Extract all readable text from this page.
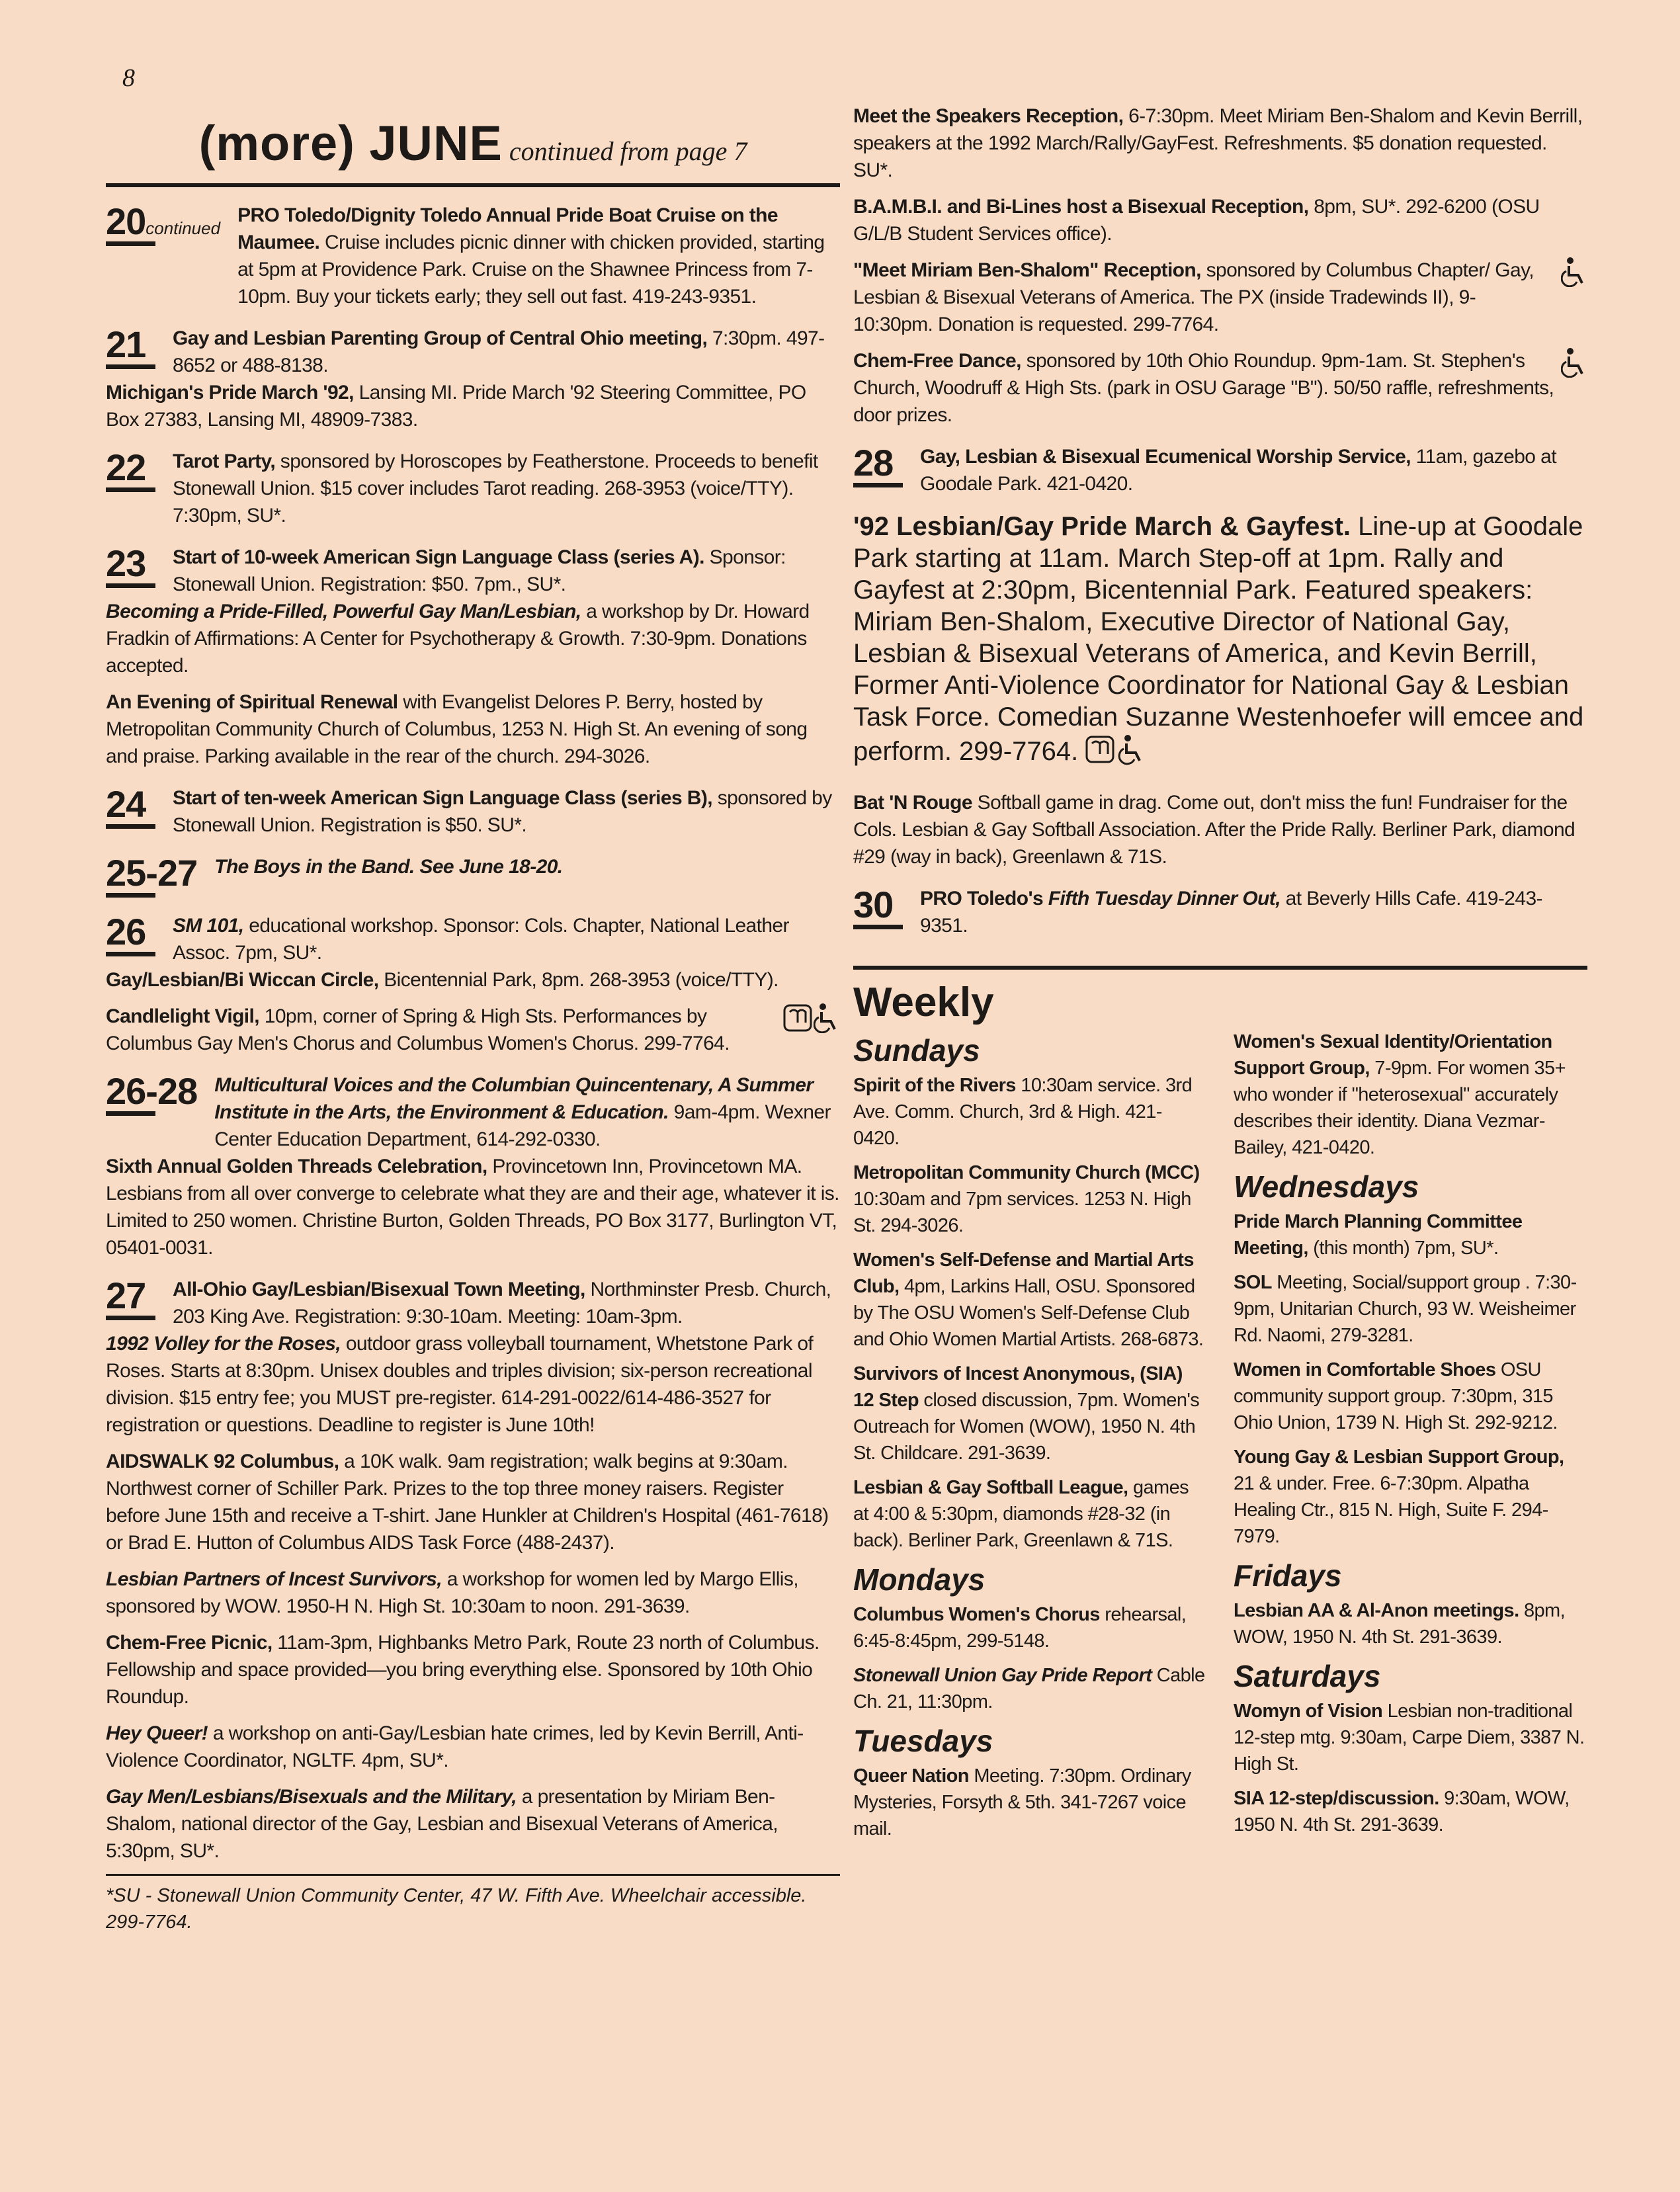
8
(more) JUNE continued from page 7
20continued
PRO Toledo/Dignity Toledo Annual Pride Boat Cruise on the Maumee. Cruise includes picnic dinner with chicken provided, starting at 5pm at Providence Park. Cruise on the Shawnee Princess from 7-10pm. Buy your tickets early; they sell out fast. 419-243-9351.
21	Gay and Lesbian Parenting Group of Central Ohio meeting, 7:30pm. 497-8652 or 488-8138.
Michigan's Pride March '92, Lansing MI. Pride March '92 Steering Committee, PO Box 27383, Lansing MI, 48909-7383.
22	Tarot Party, sponsored by Horoscopes by Featherstone. Proceeds to benefit Stonewall Union. $15 cover includes Tarot reading. 268-3953 (voice/TTY). 7:30pm, SU*.
23	Start of 10-week American Sign Language Class (series A). Sponsor: Stonewall Union. Registration: $50. 7pm., SU*.
Becoming a Pride-Filled, Powerful Gay Man/Lesbian, a workshop by Dr. Howard Fradkin of Affirmations: A Center for Psychotherapy & Growth. 7:30-9pm. Donations accepted.
An Evening of Spiritual Renewal with Evangelist Delores P. Berry, hosted by Metropolitan Community Church of Columbus, 1253 N. High St. An evening of song and praise. Parking available in the rear of the church. 294-3026.
24	Start of ten-week American Sign Language Class (series B), sponsored by Stonewall Union. Registration is $50. SU*.
25-27 The Boys in the Band. See June 18-20.
26	SM 101, educational workshop. Sponsor: Cols. Chapter, National Leather Assoc. 7pm, SU*.
Gay/Lesbian/Bi Wiccan Circle, Bicentennial Park, 8pm. 268-3953 (voice/TTY).
Candlelight Vigil, 10pm, corner of Spring & High Sts. Performances by Columbus Gay Men's Chorus and Columbus Women's Chorus. 299-7764.
26-28 Multicultural Voices and the Columbian Quincentenary, A Summer Institute in the Arts, the Environment & Education. 9am-4pm. Wexner Center Education Department, 614-292-0330.
Sixth Annual Golden Threads Celebration, Provincetown Inn, Provincetown MA. Lesbians from all over converge to celebrate what they are and their age, whatever it is. Limited to 250 women. Christine Burton, Golden Threads, PO Box 3177, Burlington VT, 05401-0031.
27	All-Ohio Gay/Lesbian/Bisexual Town Meeting, Northminster Presb. Church, 203 King Ave. Registration: 9:30-10am. Meeting: 10am-3pm.
1992 Volley for the Roses, outdoor grass volleyball tournament, Whetstone Park of Roses. Starts at 8:30pm. Unisex doubles and triples division; six-person recreational division. $15 entry fee; you MUST pre-register. 614-291-0022/614-486-3527 for registration or questions. Deadline to register is June 10th!
AIDSWALK 92 Columbus, a 10K walk. 9am registration; walk begins at 9:30am. Northwest corner of Schiller Park. Prizes to the top three money raisers. Register before June 15th and receive a T-shirt. Jane Hunkler at Children's Hospital (461-7618) or Brad E. Hutton of Columbus AIDS Task Force (488-2437).
Lesbian Partners of Incest Survivors, a workshop for women led by Margo Ellis, sponsored by WOW. 1950-H N. High St. 10:30am to noon. 291-3639.
Chem-Free Picnic, 11am-3pm, Highbanks Metro Park, Route 23 north of Columbus. Fellowship and space provided—you bring everything else. Sponsored by 10th Ohio Roundup.
Hey Queer! a workshop on anti-Gay/Lesbian hate crimes, led by Kevin Berrill, Anti-Violence Coordinator, NGLTF. 4pm, SU*.
Gay Men/Lesbians/Bisexuals and the Military, a presentation by Miriam Ben-Shalom, national director of the Gay, Lesbian and Bisexual Veterans of America, 5:30pm, SU*.
*SU - Stonewall Union Community Center, 47 W. Fifth Ave. Wheelchair accessible. 299-7764.
Meet the Speakers Reception, 6-7:30pm. Meet Miriam Ben-Shalom and Kevin Berrill, speakers at the 1992 March/Rally/GayFest. Refreshments. $5 donation requested. SU*.
B.A.M.B.I. and Bi-Lines host a Bisexual Reception, 8pm, SU*. 292-6200 (OSU G/L/B Student Services office).
"Meet Miriam Ben-Shalom" Reception, sponsored by Columbus Chapter/ Gay, Lesbian & Bisexual Veterans of America. The PX (inside Tradewinds II), 9-10:30pm. Donation is requested. 299-7764.
Chem-Free Dance, sponsored by 10th Ohio Roundup. 9pm-1am. St. Stephen's Church, Woodruff & High Sts. (park in OSU Garage "B"). 50/50 raffle, refreshments, door prizes.
28	Gay, Lesbian & Bisexual Ecumenical Worship Service, 11am, gazebo at Goodale Park. 421-0420.
'92 Lesbian/Gay Pride March & Gayfest. Line-up at Goodale Park starting at 11am. March Step-off at 1pm. Rally and Gayfest at 2:30pm, Bicentennial Park. Featured speakers: Miriam Ben-Shalom, Executive Director of National Gay, Lesbian & Bisexual Veterans of America, and Kevin Berrill, Former Anti-Violence Coordinator for National Gay & Lesbian Task Force. Comedian Suzanne Westenhoefer will emcee and perform. 299-7764.
Bat 'N Rouge Softball game in drag. Come out, don't miss the fun! Fundraiser for the Cols. Lesbian & Gay Softball Association. After the Pride Rally. Berliner Park, diamond #29 (way in back), Greenlawn & 71S.
30	PRO Toledo's Fifth Tuesday Dinner Out, at Beverly Hills Cafe. 419-243-9351.
Weekly
Sundays
Spirit of the Rivers 10:30am service. 3rd Ave. Comm. Church, 3rd & High. 421-0420.
Metropolitan Community Church (MCC) 10:30am and 7pm services. 1253 N. High St. 294-3026.
Women's Self-Defense and Martial Arts Club, 4pm, Larkins Hall, OSU. Sponsored by The OSU Women's Self-Defense Club and Ohio Women Martial Artists. 268-6873.
Survivors of Incest Anonymous, (SIA) 12 Step closed discussion, 7pm. Women's Outreach for Women (WOW), 1950 N. 4th St. Childcare. 291-3639.
Lesbian & Gay Softball League, games at 4:00 & 5:30pm, diamonds #28-32 (in back). Berliner Park, Greenlawn & 71S.
Mondays
Columbus Women's Chorus rehearsal, 6:45-8:45pm, 299-5148.
Stonewall Union Gay Pride Report Cable Ch. 21, 11:30pm.
Tuesdays
Queer Nation Meeting. 7:30pm. Ordinary Mysteries, Forsyth & 5th. 341-7267 voice mail.
Women's Sexual Identity/Orientation Support Group, 7-9pm. For women 35+ who wonder if "heterosexual" accurately describes their identity. Diana Vezmar-Bailey, 421-0420.
Wednesdays
Pride March Planning Committee Meeting, (this month) 7pm, SU*.
SOL Meeting, Social/support group . 7:30-9pm, Unitarian Church, 93 W. Weisheimer Rd. Naomi, 279-3281.
Women in Comfortable Shoes OSU community support group. 7:30pm, 315 Ohio Union, 1739 N. High St. 292-9212.
Young Gay & Lesbian Support Group, 21 & under. Free. 6-7:30pm. Alpatha Healing Ctr., 815 N. High, Suite F. 294-7979.
Fridays
Lesbian AA & Al-Anon meetings. 8pm, WOW, 1950 N. 4th St. 291-3639.
Saturdays
Womyn of Vision Lesbian non-traditional 12-step mtg. 9:30am, Carpe Diem, 3387 N. High St.
SIA 12-step/discussion. 9:30am, WOW, 1950 N. 4th St. 291-3639.
